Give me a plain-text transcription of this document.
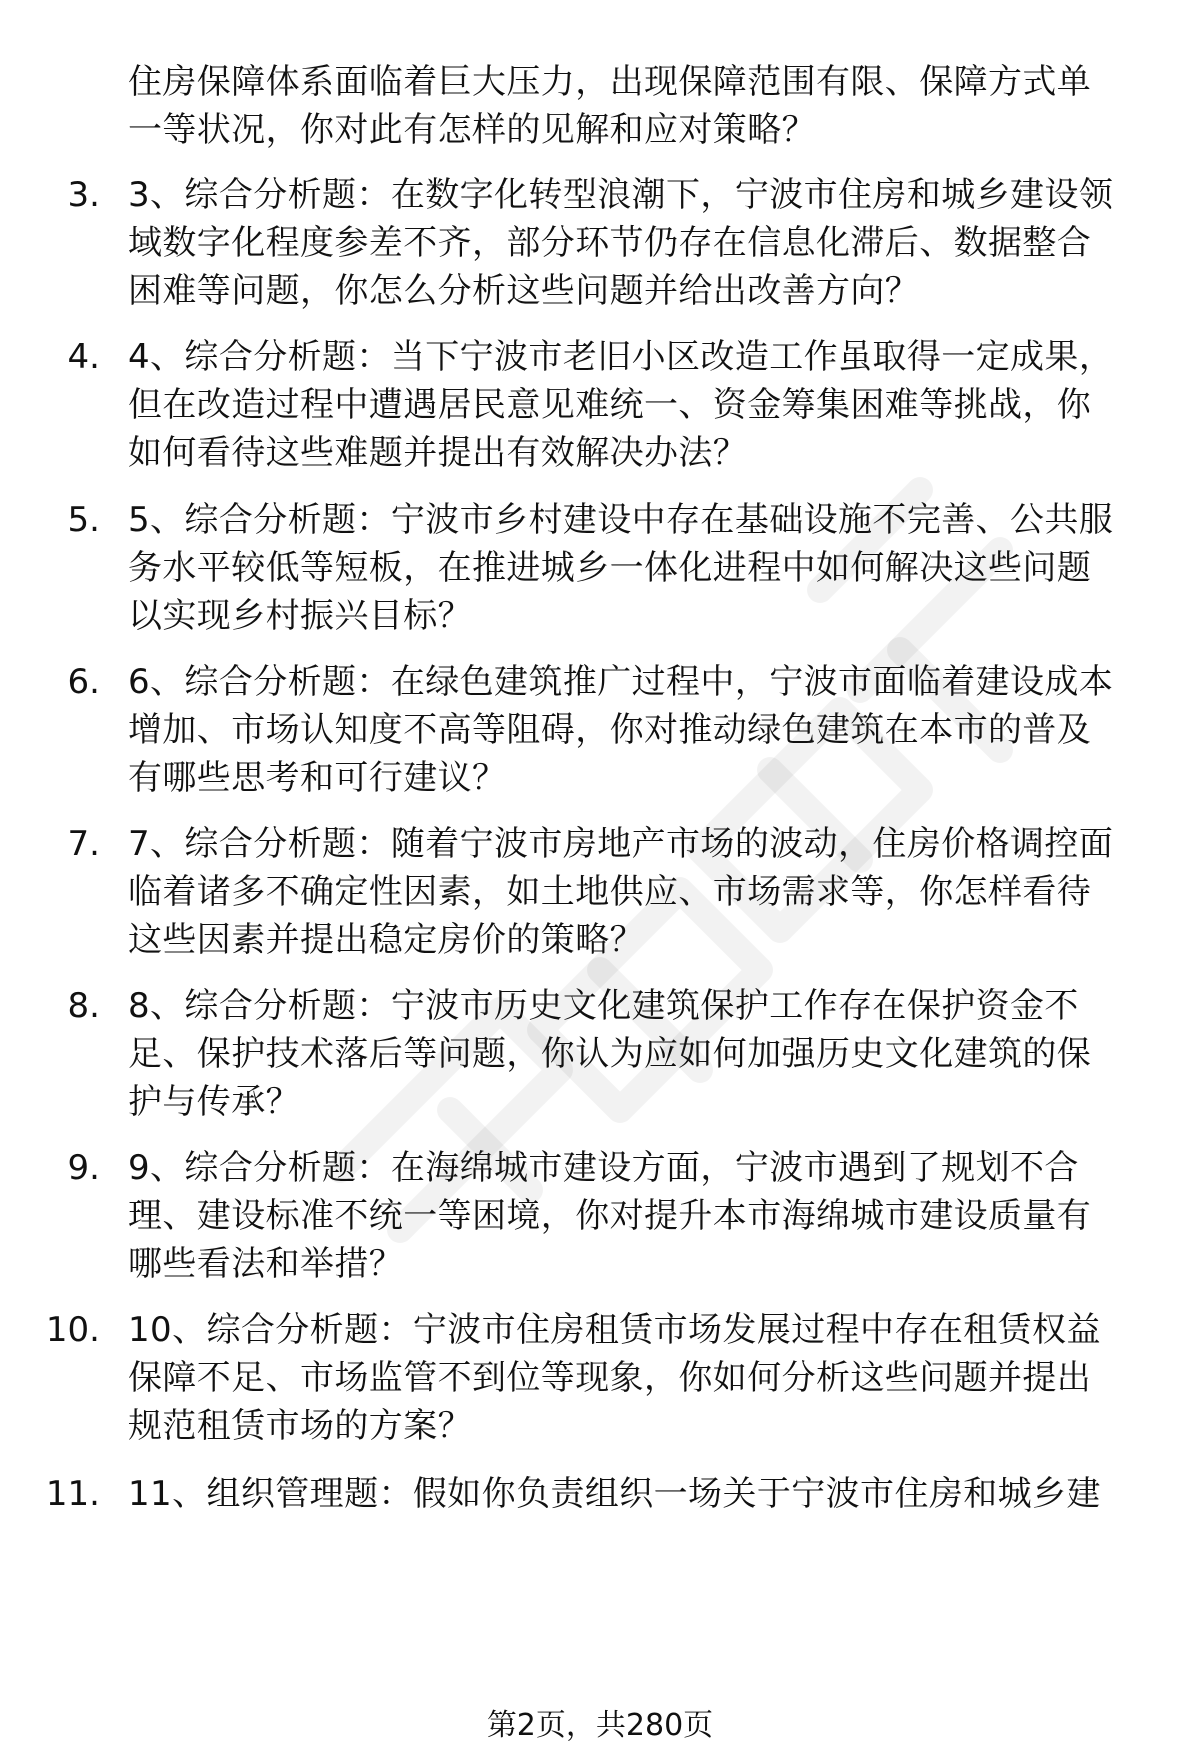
住房保障体系面临着巨大压力，出现保障范围有限、保障方式单
一等状况，你对此有怎样的见解和应对策略？
3. 3、综合分析题：在数字化转型浪潮下，宁波市住房和城乡建设领
域数字化程度参差不齐，部分环节仍存在信息化滞后、数据整合
困难等问题，你怎么分析这些问题并给出改善方向？
4. 4、综合分析题：当下宁波市老旧小区改造工作虽取得一定成果，
但在改造过程中遭遇居民意见难统一、资金筹集困难等挑战，你
如何看待这些难题并提出有效解决办法？
5. 5、综合分析题：宁波市乡村建设中存在基础设施不完善、公共服
务水平较低等短板，在推进城乡一体化进程中如何解决这些问题
以实现乡村振兴目标？
6. 6、综合分析题：在绿色建筑推广过程中，宁波市面临着建设成本
增加、市场认知度不高等阻碍，你对推动绿色建筑在本市的普及
有哪些思考和可行建议？
7. 7、综合分析题：随着宁波市房地产市场的波动，住房价格调控面
临着诸多不确定性因素，如土地供应、市场需求等，你怎样看待
这些因素并提出稳定房价的策略？
8. 8、综合分析题：宁波市历史文化建筑保护工作存在保护资金不
足、保护技术落后等问题，你认为应如何加强历史文化建筑的保
护与传承？
9. 9、综合分析题：在海绵城市建设方面，宁波市遇到了规划不合
理、建设标准不统一等困境，你对提升本市海绵城市建设质量有
哪些看法和举措？
10. 10、综合分析题：宁波市住房租赁市场发展过程中存在租赁权益
保障不足、市场监管不到位等现象，你如何分析这些问题并提出
规范租赁市场的方案？
11. 11、组织管理题：假如你负责组织一场关于宁波市住房和城乡建
第2页，共280页
